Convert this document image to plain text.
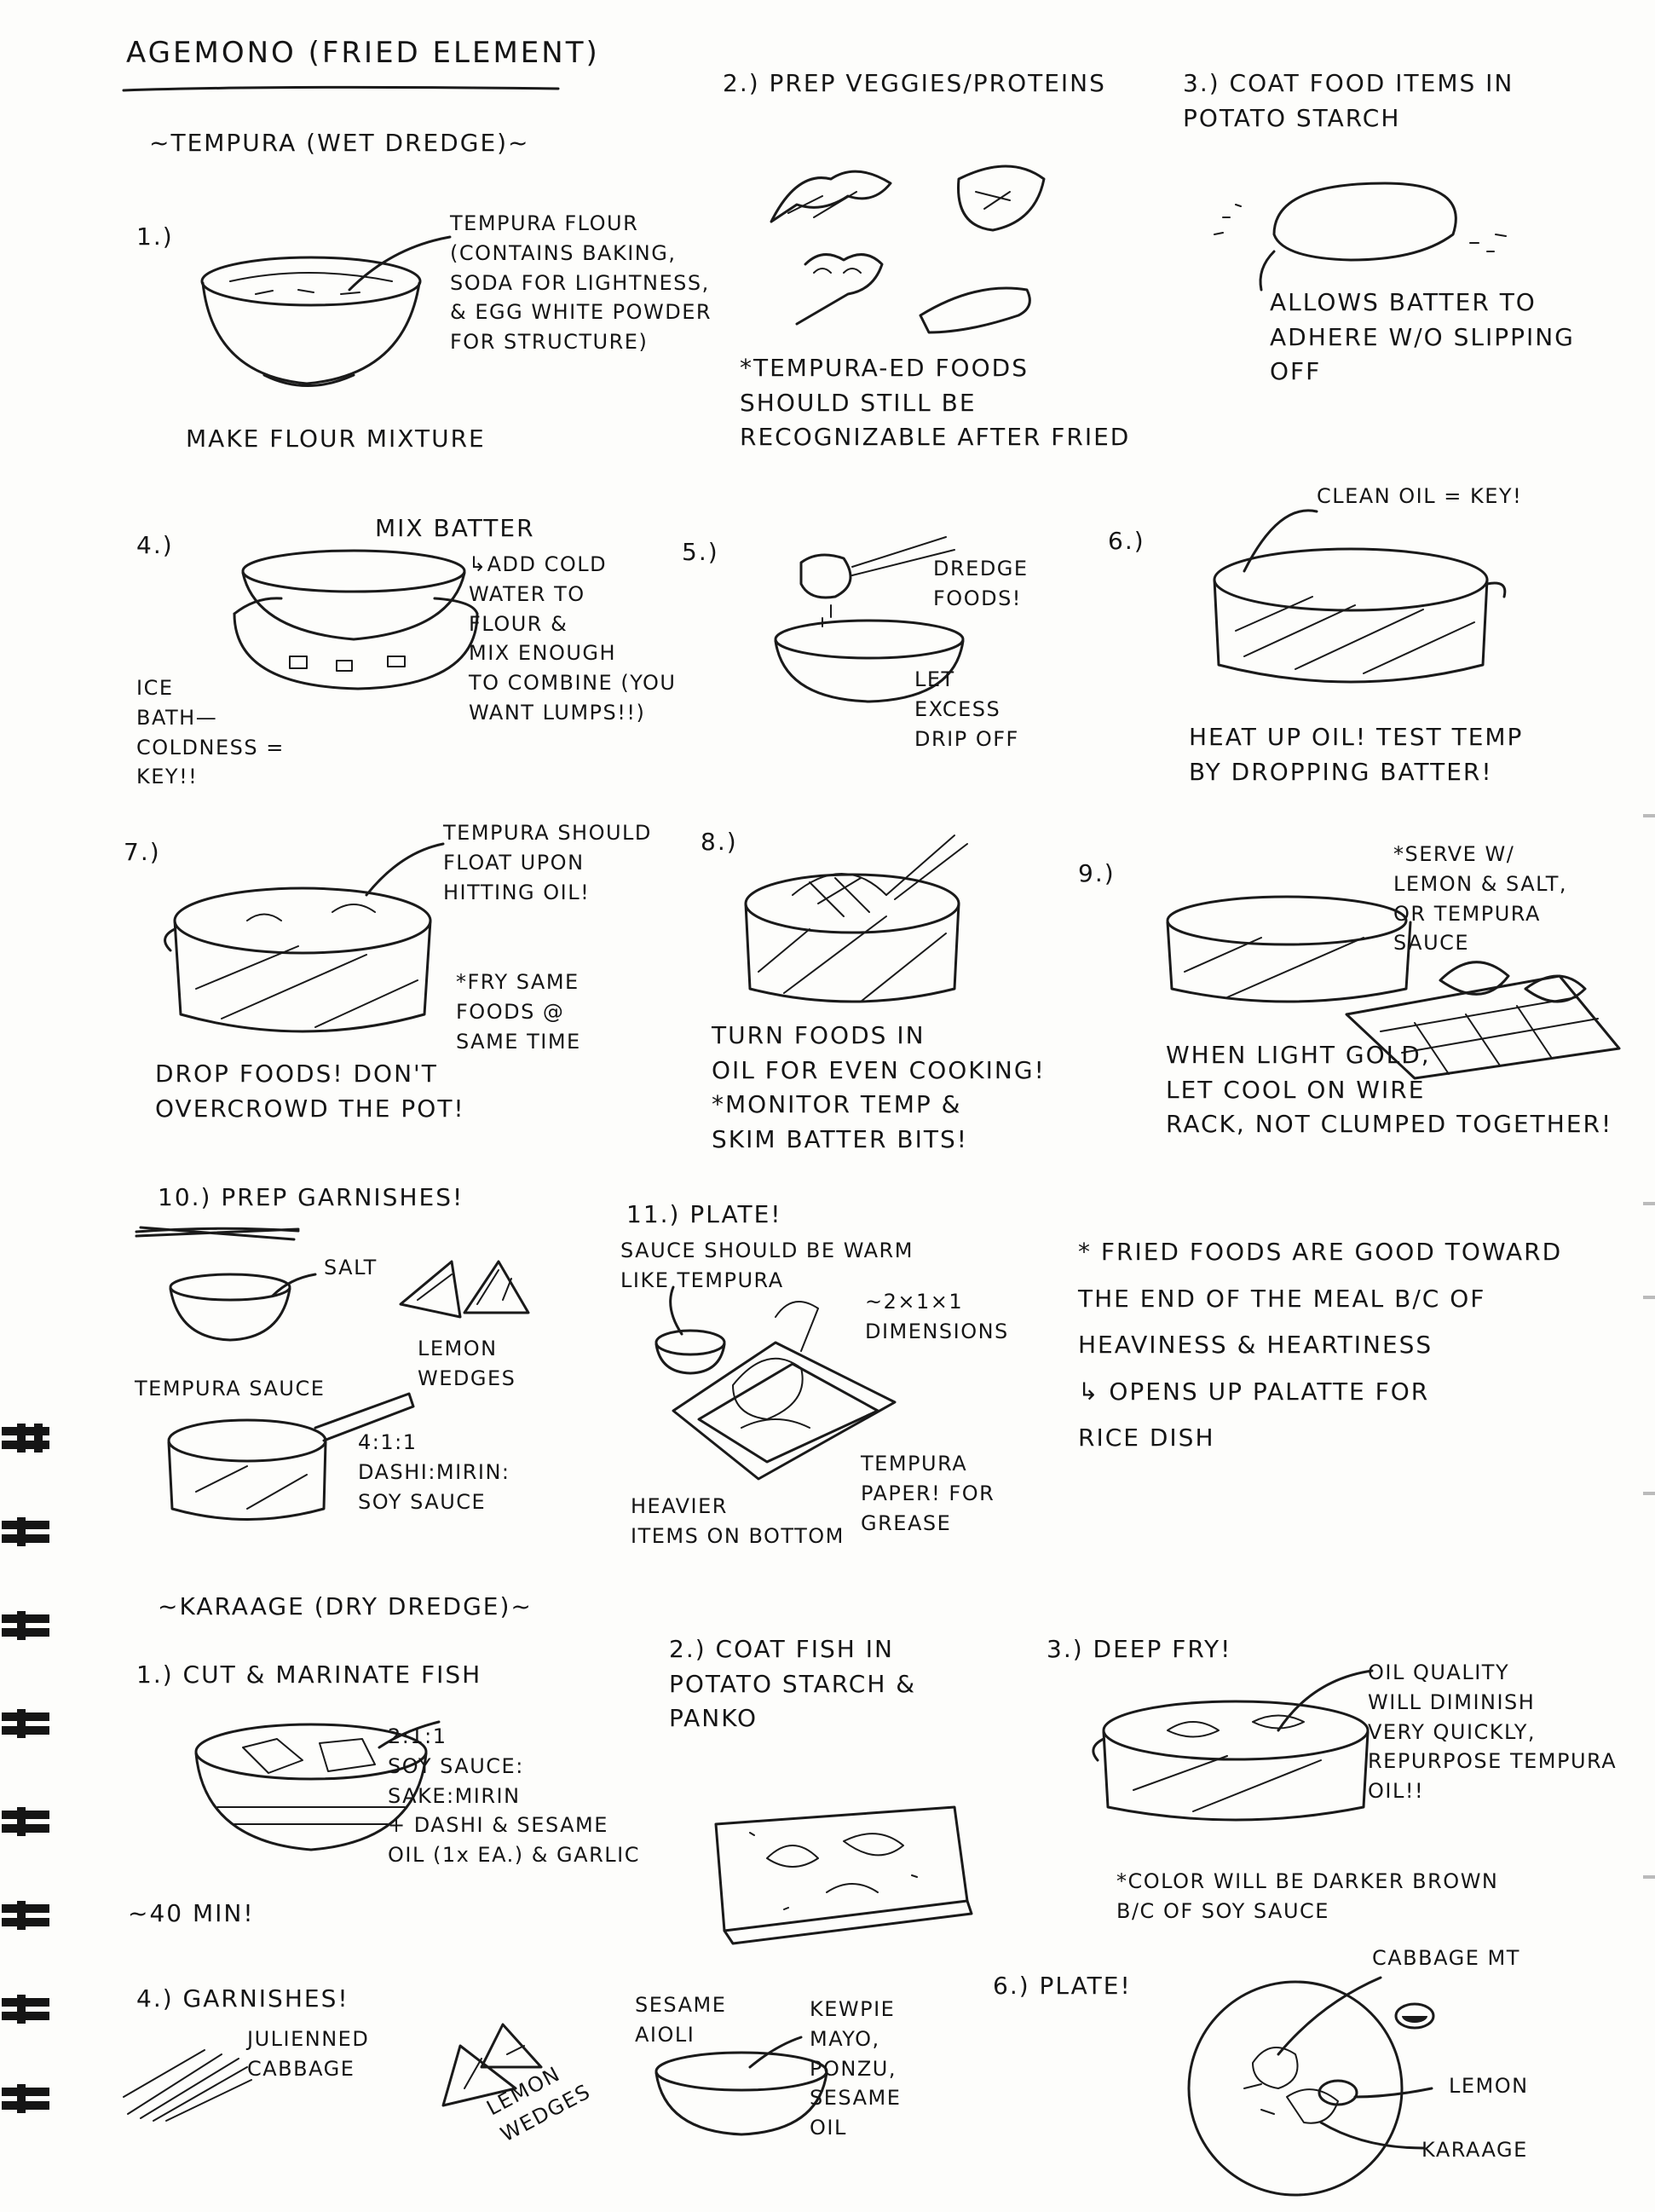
AGEMONO (FRIED ELEMENT)
~TEMPURA (WET DREDGE)~
1.)	TEMPURA FLOUR
(CONTAINS BAKING,
SODA FOR LIGHTNESS,
& EGG WHITE POWDER
FOR STRUCTURE)
MAKE FLOUR MIXTURE
2.) PREP VEGGIES/PROTEINS
*TEMPURA-ED FOODS
SHOULD STILL BE
RECOGNIZABLE AFTER FRIED
3.) COAT FOOD ITEMS IN
POTATO STARCH
ALLOWS BATTER TO
ADHERE W/O SLIPPING
OFF
4.)
MIX BATTER
↳ADD COLD
WATER TO
FLOUR &
MIX ENOUGH
TO COMBINE (YOU
WANT LUMPS!!)
ICE
BATH—
COLDNESS =
KEY!!
5.)
DREDGE
FOODS!
LET
EXCESS
DRIP OFF
6.)
CLEAN OIL = KEY!
HEAT UP OIL! TEST TEMP
BY DROPPING BATTER!
7.)
TEMPURA SHOULD
FLOAT UPON
HITTING OIL!
*FRY SAME
FOODS @
SAME TIME
DROP FOODS! DON'T
OVERCROWD THE POT!
8.)
TURN FOODS IN
OIL FOR EVEN COOKING!
*MONITOR TEMP &
SKIM BATTER BITS!
9.)
*SERVE W/
LEMON & SALT,
OR TEMPURA
SAUCE
WHEN LIGHT GOLD,
LET COOL ON WIRE
RACK, NOT CLUMPED TOGETHER!
10.) PREP GARNISHES!
SALT
LEMON
WEDGES
TEMPURA SAUCE
4:1:1
DASHI:MIRIN:
SOY SAUCE
11.) PLATE!
SAUCE SHOULD BE WARM
LIKE TEMPURA
~2×1×1
DIMENSIONS
TEMPURA
PAPER! FOR
GREASE
HEAVIER
ITEMS ON BOTTOM
* FRIED FOODS ARE GOOD TOWARD
THE END OF THE MEAL B/C OF
HEAVINESS & HEARTINESS
↳ OPENS UP PALATTE FOR
RICE DISH
~KARAAGE (DRY DREDGE)~
1.) CUT & MARINATE FISH
2:1:1
SOY SAUCE:
SAKE:MIRIN
+ DASHI & SESAME
OIL (1x EA.) & GARLIC
~40 MIN!
2.) COAT FISH IN
POTATO STARCH &
PANKO
3.) DEEP FRY!
OIL QUALITY
WILL DIMINISH
VERY QUICKLY,
REPURPOSE TEMPURA
OIL!!
*COLOR WILL BE DARKER BROWN
B/C OF SOY SAUCE
4.) GARNISHES!
JULIENNED
CABBAGE	LEMON
WEDGES
SESAME
AIOLI
KEWPIE
MAYO,
PONZU,
SESAME
OIL
6.) PLATE!
CABBAGE MT
LEMON
KARAAGE
